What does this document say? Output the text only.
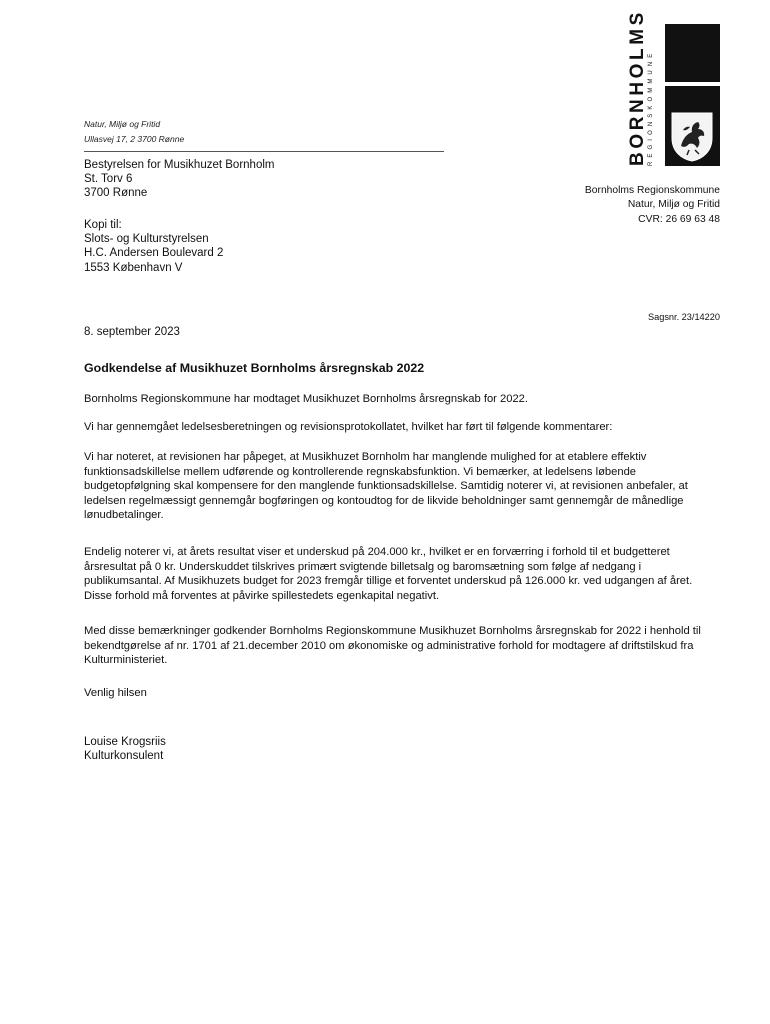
BORNHOLMS REGIONSKOMMUNE
Natur, Miljø og Fritid
Ullasvej 17, 2 3700 Rønne
Bestyrelsen for Musikhuzet Bornholm
St. Torv 6
3700 Rønne
Kopi til:
Slots- og Kulturstyrelsen
H.C. Andersen Boulevard 2
1553 København V
Bornholms Regionskommune
Natur, Miljø og Fritid
CVR: 26 69 63 48
Sagsnr. 23/14220
8. september 2023
Godkendelse af Musikhuzet Bornholms årsregnskab 2022
Bornholms Regionskommune har modtaget Musikhuzet Bornholms årsregnskab for 2022.
Vi har gennemgået ledelsesberetningen og revisionsprotokollatet, hvilket har ført til følgende kommentarer:
Vi har noteret, at revisionen har påpeget, at Musikhuzet Bornholm har manglende mulighed for at etablere effektiv funktionsadskillelse mellem udførende og kontrollerende regnskabsfunktion. Vi bemærker, at ledelsens løbende budgetopfølgning skal kompensere for den manglende funktionsadskillelse. Samtidig noterer vi, at revisionen anbefaler, at ledelsen regelmæssigt gennemgår bogføringen og kontoudtog for de likvide beholdninger samt gennemgår de månedlige lønudbetalinger.
Endelig noterer vi, at årets resultat viser et underskud på 204.000 kr., hvilket er en forværring i forhold til et budgetteret årsresultat på 0 kr. Underskuddet tilskrives primært svigtende billetsalg og baromsætning som følge af nedgang i publikumsantal. Af Musikhuzets budget for 2023 fremgår tillige et forventet underskud på 126.000 kr. ved udgangen af året. Disse forhold må forventes at påvirke spillestedets egenkapital negativt.
Med disse bemærkninger godkender Bornholms Regionskommune Musikhuzet Bornholms årsregnskab for 2022 i henhold til bekendtgørelse af nr. 1701 af 21.december 2010 om økonomiske og administrative forhold for modtagere af driftstilskud fra Kulturministeriet.
Venlig hilsen
Louise Krogsriis
Kulturkonsulent
